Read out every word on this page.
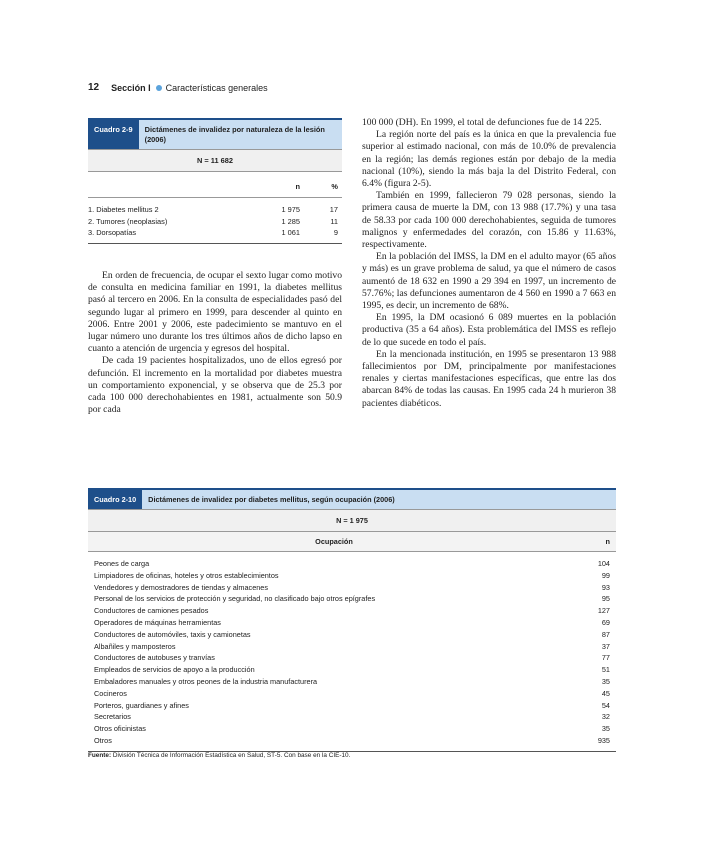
12 Sección I Características generales
Cuadro 2-9	Dictámenes de invalidez por naturaleza de la lesión (2006)
N = 11 682
n	%
1. Diabetes mellitus 2	1 975	17
2. Tumores (neoplasias)	1 285	11
3. Dorsopatías	1 061	9

En orden de frecuencia, de ocupar el sexto lugar como motivo de consulta en medicina familiar en 1991, la diabetes mellitus pasó al tercero en 2006. En la consulta de especialidades pasó del segundo lugar al primero en 1999, para descender al quinto en 2006. Entre 2001 y 2006, este padecimiento se mantuvo en el lugar número uno durante los tres últimos años de dicho lapso en cuanto a atención de urgencia y egresos del hospital.

De cada 19 pacientes hospitalizados, uno de ellos egresó por defunción. El incremento en la mortalidad por diabetes muestra un comportamiento exponencial, y se observa que de 25.3 por cada 100 000 derechohabientes en 1981, actualmente son 50.9 por cada

100 000 (DH). En 1999, el total de defunciones fue de 14 225.

La región norte del país es la única en que la prevalencia fue superior al estimado nacional, con más de 10.0% de prevalencia en la región; las demás regiones están por debajo de la media nacional (10%), siendo la más baja la del Distrito Federal, con 6.4% (figura 2-5).

También en 1999, fallecieron 79 028 personas, siendo la primera causa de muerte la DM, con 13 988 (17.7%) y una tasa de 58.33 por cada 100 000 derechohabientes, seguida de tumores malignos y enfermedades del corazón, con 15.86 y 11.63%, respectivamente.

En la población del IMSS, la DM en el adulto mayor (65 años y más) es un grave problema de salud, ya que el número de casos aumentó de 18 632 en 1990 a 29 394 en 1997, un incremento de 57.76%; las defunciones aumentaron de 4 560 en 1990 a 7 663 en 1995, es decir, un incremento de 68%.

En 1995, la DM ocasionó 6 089 muertes en la población productiva (35 a 64 años). Esta problemática del IMSS es reflejo de lo que sucede en todo el país.

En la mencionada institución, en 1995 se presentaron 13 988 fallecimientos por DM, principalmente por manifestaciones renales y ciertas manifestaciones específicas, que entre las dos abarcan 84% de todas las causas. En 1995 cada 24 h murieron 38 pacientes diabéticos.

Cuadro 2-10	Dictámenes de invalidez por diabetes mellitus, según ocupación (2006)
N = 1 975
Ocupación	n
Peones de carga	104
Limpiadores de oficinas, hoteles y otros establecimientos	99
Vendedores y demostradores de tiendas y almacenes	93
Personal de los servicios de protección y seguridad, no clasificado bajo otros epígrafes	95
Conductores de camiones pesados	127
Operadores de máquinas herramientas	69
Conductores de automóviles, taxis y camionetas	87
Albañiles y mamposteros	37
Conductores de autobuses y tranvías	77
Empleados de servicios de apoyo a la producción	51
Embaladores manuales y otros peones de la industria manufacturera	35
Cocineros	45
Porteros, guardianes y afines	54
Secretarios	32
Otros oficinistas	35
Otros	935
Fuente: División Técnica de Información Estadística en Salud, ST-5. Con base en la CIE-10.
